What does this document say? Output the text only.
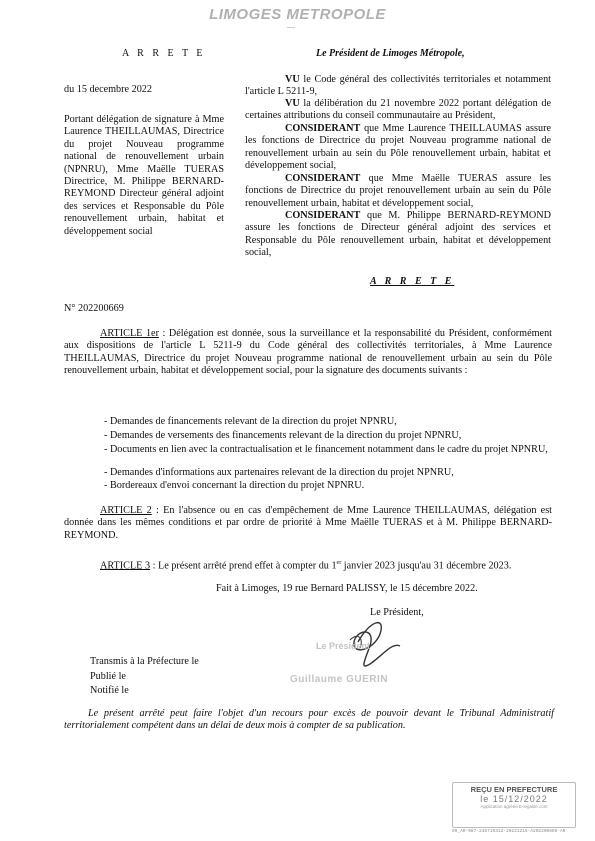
LIMOGES METROPOLE
—
A R R E T E
du 15 decembre 2022
Portant délégation de signature à Mme Laurence THEILLAUMAS, Directrice du projet Nouveau programme national de renouvellement urbain (NPNRU), Mme Maëlle TUERAS Directrice, M. Philippe BERNARD-REYMOND Directeur général adjoint des services et Responsable du Pôle renouvellement urbain, habitat et développement social
N° 202200669
Le Président de Limoges Métropole,
VU le Code général des collectivités territoriales et notamment l'article L 5211-9,
VU la délibération du 21 novembre 2022 portant délégation de certaines attributions du conseil communautaire au Président,
CONSIDERANT que Mme Laurence THEILLAUMAS assure les fonctions de Directrice du projet Nouveau programme national de renouvellement urbain au sein du Pôle renouvellement urbain, habitat et développement social,
CONSIDERANT que Mme Maëlle TUERAS assure les fonctions de Directrice du projet renouvellement urbain au sein du Pôle renouvellement urbain, habitat et développement social,
CONSIDERANT que M. Philippe BERNARD-REYMOND assure les fonctions de Directeur général adjoint des services et Responsable du Pôle renouvellement urbain, habitat et développement social,
A R R E T E
ARTICLE 1er : Délégation est donnée, sous la surveillance et la responsabilité du Président, conformément aux dispositions de l'article L 5211-9 du Code général des collectivités territoriales, à Mme Laurence THEILLAUMAS, Directrice du projet Nouveau programme national de renouvellement urbain au sein du Pôle renouvellement urbain, habitat et développement social, pour la signature des documents suivants :
- Demandes de financements relevant de la direction du projet NPNRU,
- Demandes de versements des financements relevant de la direction du projet NPNRU,
- Documents en lien avec la contractualisation et le financement notamment dans le cadre du projet NPNRU,
- Demandes d'informations aux partenaires relevant de la direction du projet NPNRU,
- Bordereaux d'envoi concernant la direction du projet NPNRU.
ARTICLE 2 : En l'absence ou en cas d'empêchement de Mme Laurence THEILLAUMAS, délégation est donnée dans les mêmes conditions et par ordre de priorité à Mme Maëlle TUERAS et à M. Philippe BERNARD-REYMOND.
ARTICLE 3 : Le présent arrêté prend effet à compter du 1er janvier 2023 jusqu'au 31 décembre 2023.
Fait à Limoges, 19 rue Bernard PALISSY, le 15 décembre 2022.
Le Président,
Le Président
Guillaume GUERIN
Transmis à la Préfecture le
Publié le
Notifié le
Le présent arrêté peut faire l'objet d'un recours pour excès de pouvoir devant le Tribunal Administratif territorialement compétent dans un délai de deux mois à compter de sa publication.
REÇU EN PREFECTURE
le 15/12/2022
Application agréée E-legalite.com
99_AR-087-248719312-20221215-A202200669-AR
